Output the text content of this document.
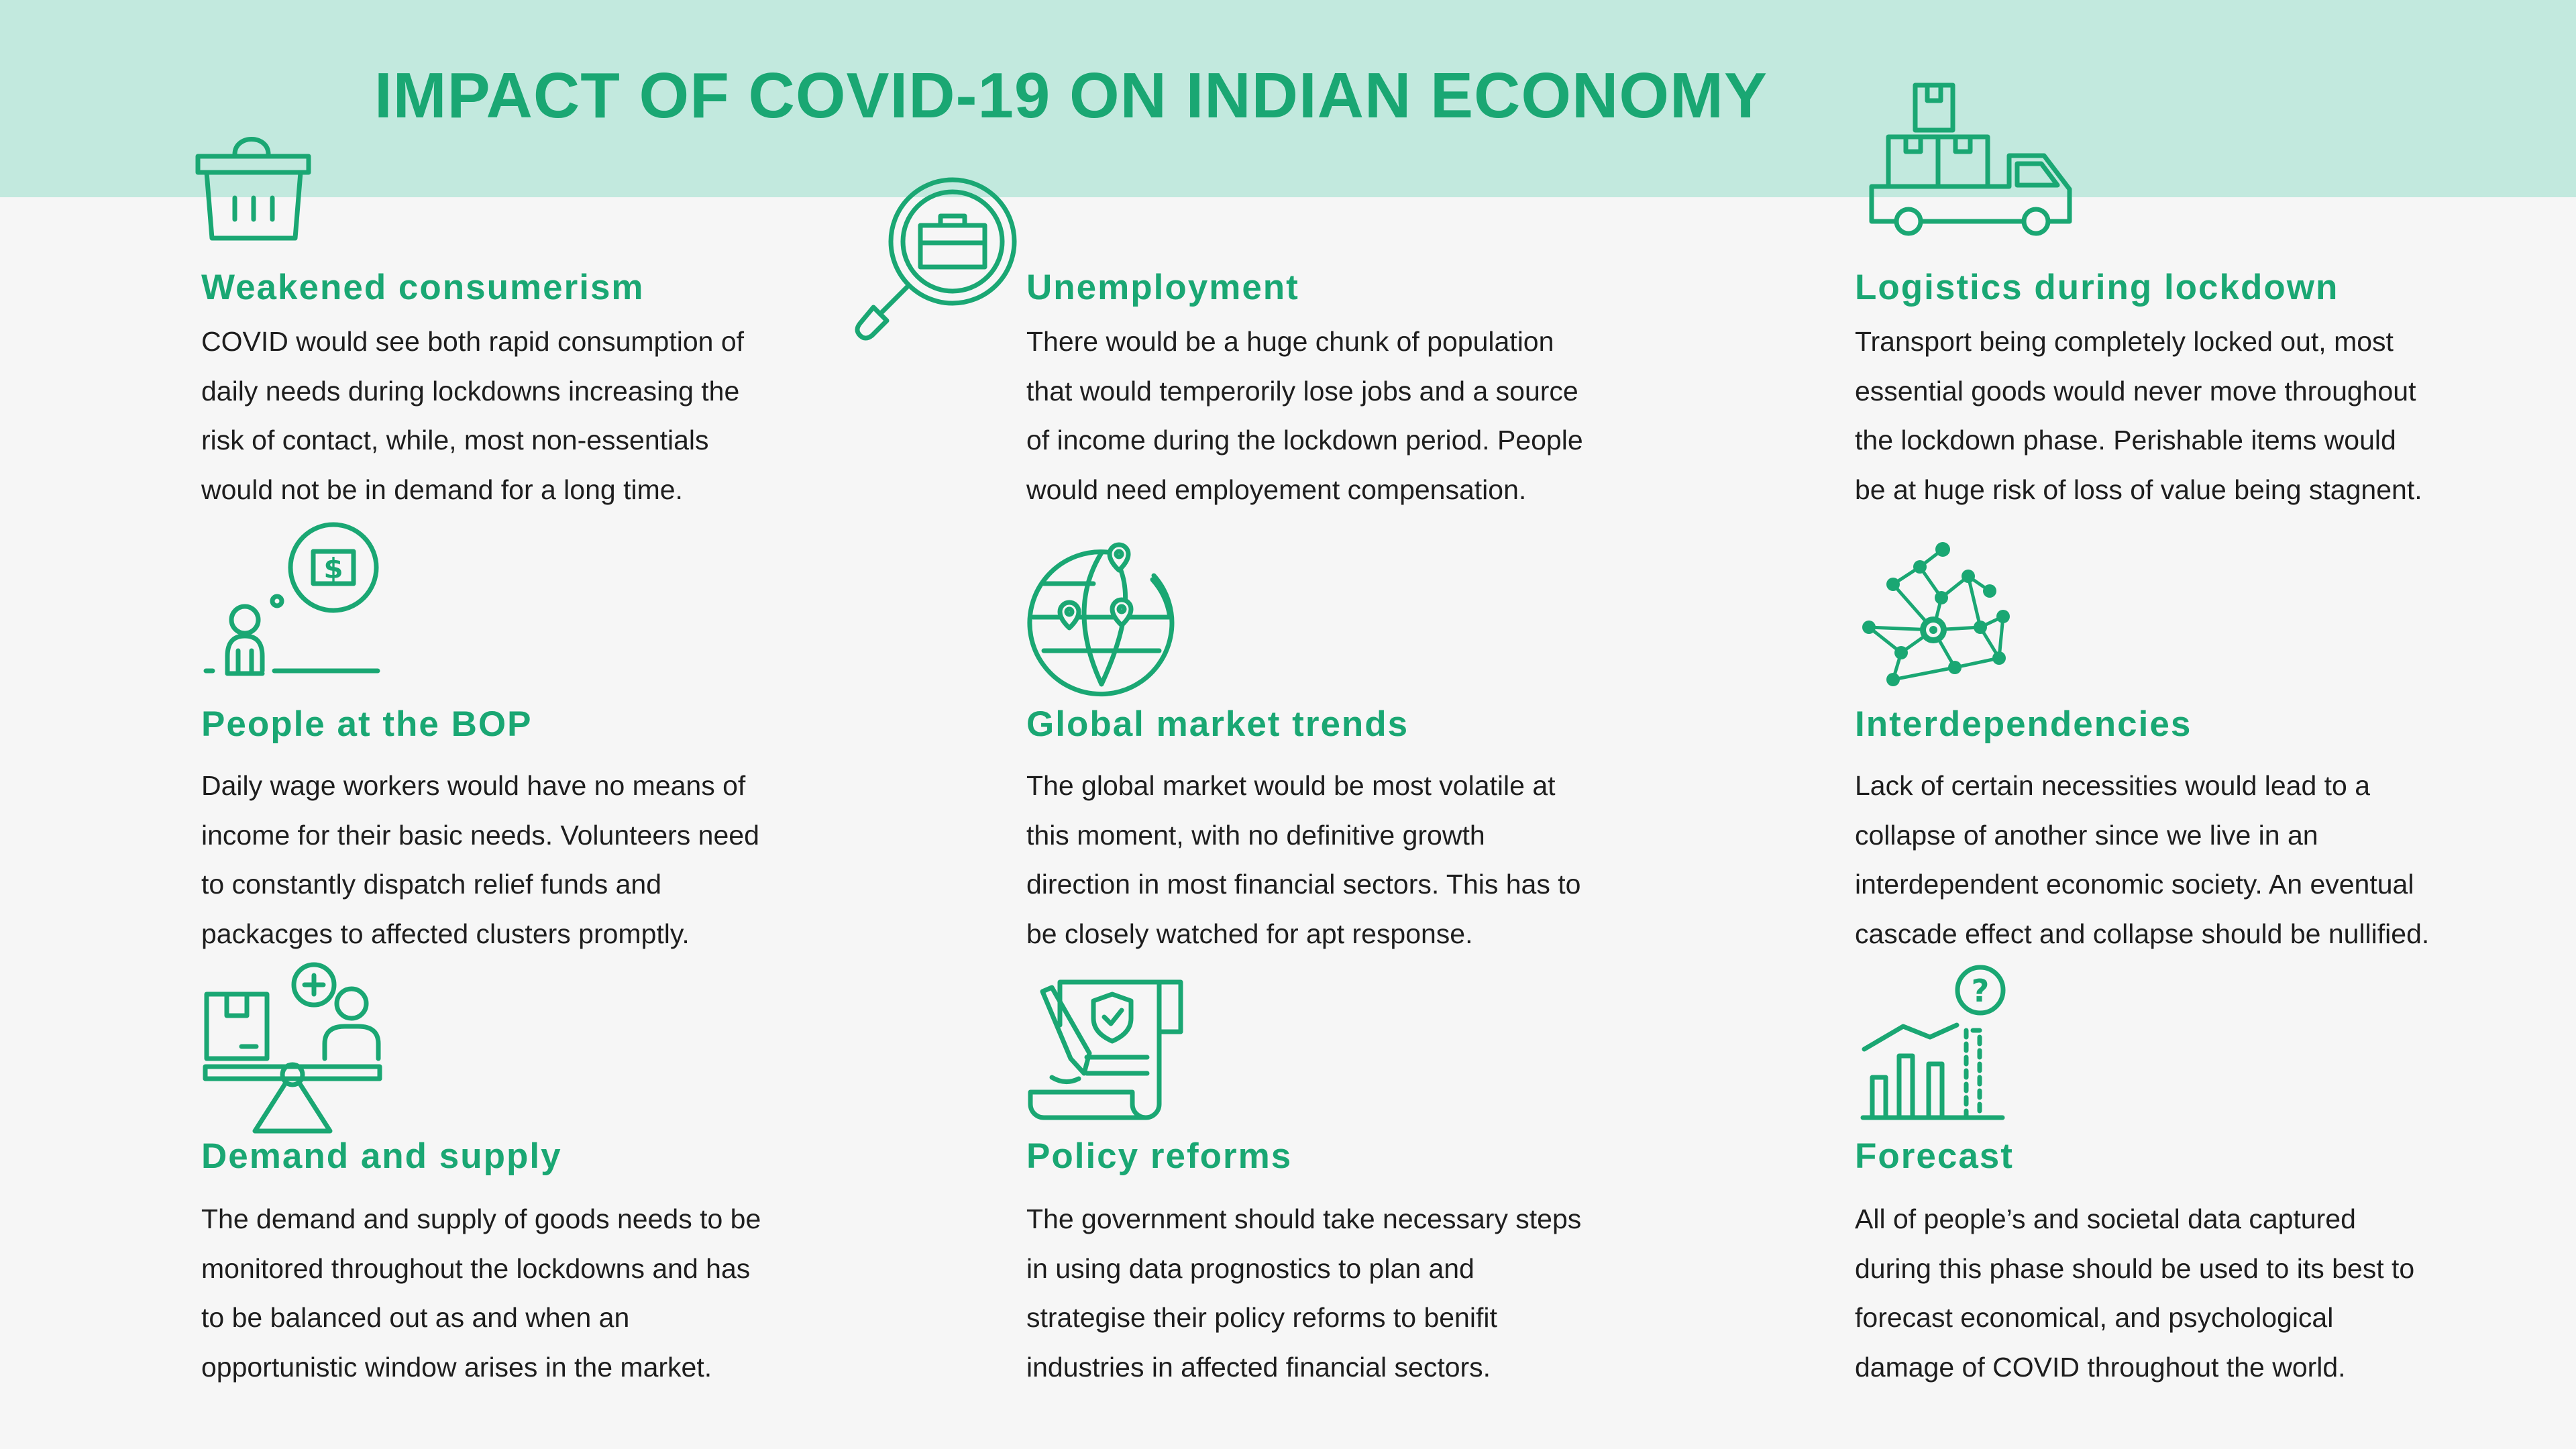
IMPACT OF COVID-19 ON INDIAN ECONOMY
Weakened consumerism

COVID would see both rapid consumption of
daily needs during lockdowns increasing the
risk of contact, while, most non-essentials
would not be in demand for a long time.

Unemployment

There would be a huge chunk of population
that would temperorily lose jobs and a source
of income during the lockdown period. People
would need employement compensation.

Logistics during lockdown

Transport being completely locked out, most
essential goods would never move throughout
the lockdown phase. Perishable items would
be at huge risk of loss of value being stagnent.

$
People at the BOP

Daily wage workers would have no means of
income for their basic needs. Volunteers need
to constantly dispatch relief funds and
packacges to affected clusters promptly.

Global market trends

The global market would be most volatile at
this moment, with no definitive growth
direction in most financial sectors. This has to
be closely watched for apt response.

Interdependencies

Lack of certain necessities would lead to a
collapse of another since we live in an
interdependent economic society. An eventual
cascade effect and collapse should be nullified.

Demand and supply

The demand and supply of goods needs to be
monitored throughout the lockdowns and has
to be balanced out as and when an
opportunistic window arises in the market.

Policy reforms

The government should take necessary steps
in using data prognostics to plan and
strategise their policy reforms to benifit
industries in affected financial sectors.

?
Forecast

All of people’s and societal data captured
during this phase should be used to its best to
forecast economical, and psychological
damage of COVID throughout the world.
